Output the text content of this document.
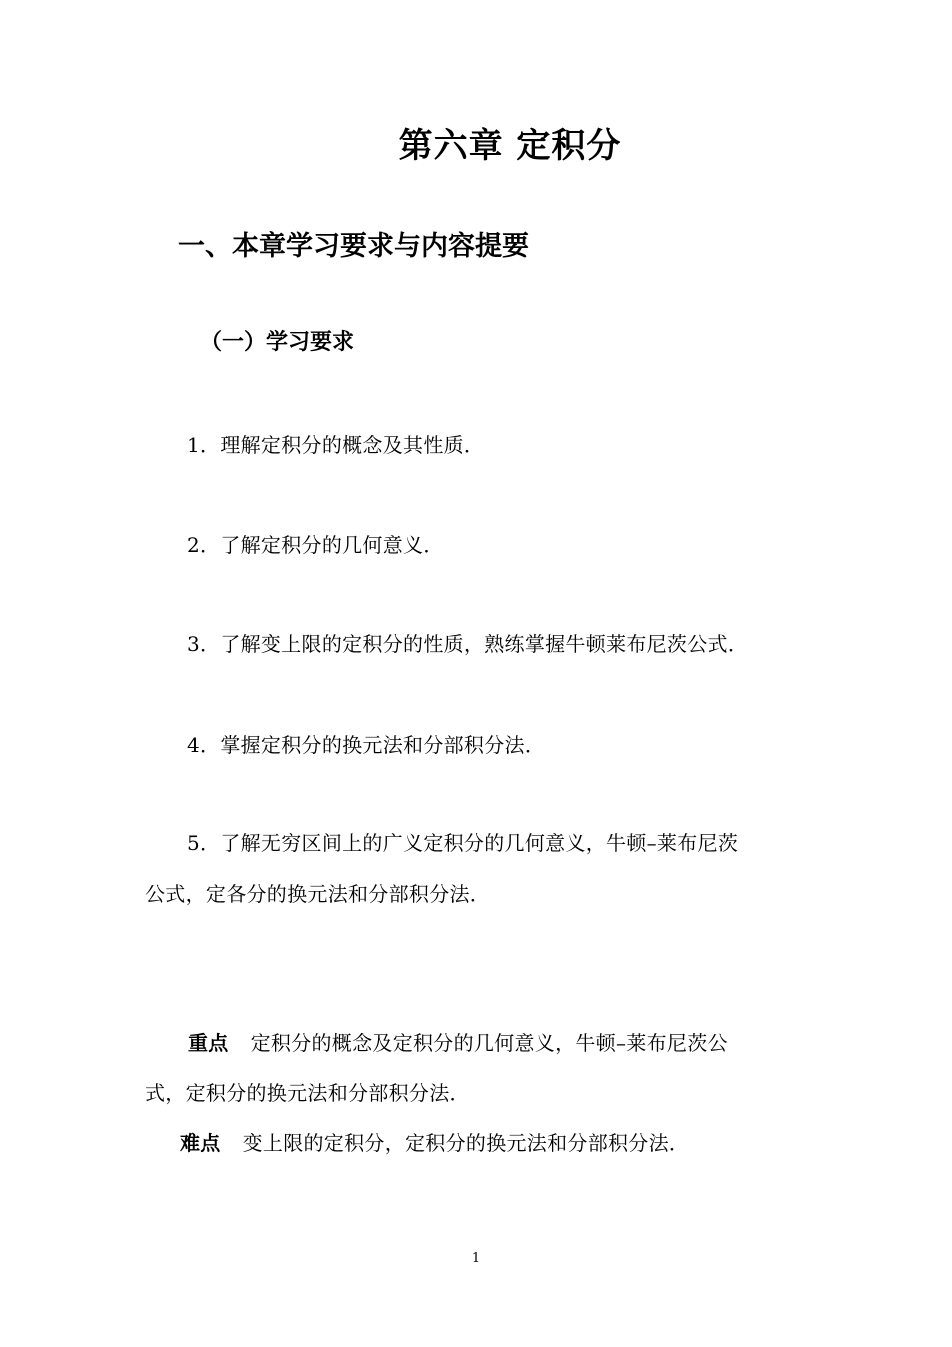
第六章 定积分
一、本章学习要求与内容提要
（一）学习要求
1．理解定积分的概念及其性质．
2．了解定积分的几何意义．
3．了解变上限的定积分的性质，熟练掌握牛顿莱布尼茨公式．
4．掌握定积分的换元法和分部积分法．
5．了解无穷区间上的广义定积分的几何意义，牛顿–莱布尼茨
公式，定各分的换元法和分部积分法．
重点 定积分的概念及定积分的几何意义，牛顿–莱布尼茨公
式，定积分的换元法和分部积分法．
难点 变上限的定积分，定积分的换元法和分部积分法．
1
